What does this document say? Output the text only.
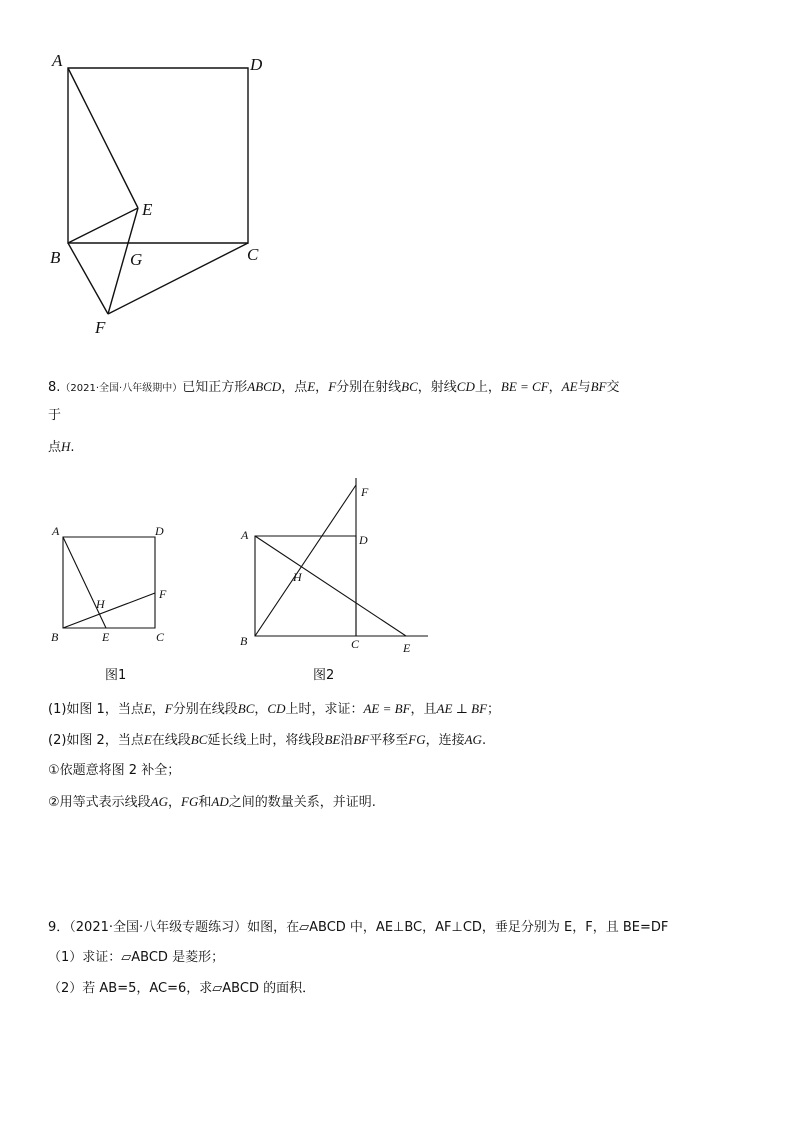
A	D
E
B	G	C
F
8.（2021·全国·八年级期中）已知正方形ABCD，点E，F分别在射线BC，射线CD上，BE = CF，AE与BF交
于
点H.
A	D
H
F
B	E	C
图1
F
A	D
H
B	C	E
图2
(1)如图 1，当点E，F分别在线段BC，CD上时，求证：AE = BF，且AE ⊥ BF；
(2)如图 2，当点E在线段BC延长线上时，将线段BE沿BF平移至FG，连接AG.
①依题意将图 2 补全；
②用等式表示线段AG，FG和AD之间的数量关系，并证明.
9．（2021·全国·八年级专题练习）如图，在▱ABCD 中，AE⊥BC，AF⊥CD，垂足分别为 E，F，且 BE=DF
（1）求证：▱ABCD 是菱形；
（2）若 AB=5，AC=6，求▱ABCD 的面积．
